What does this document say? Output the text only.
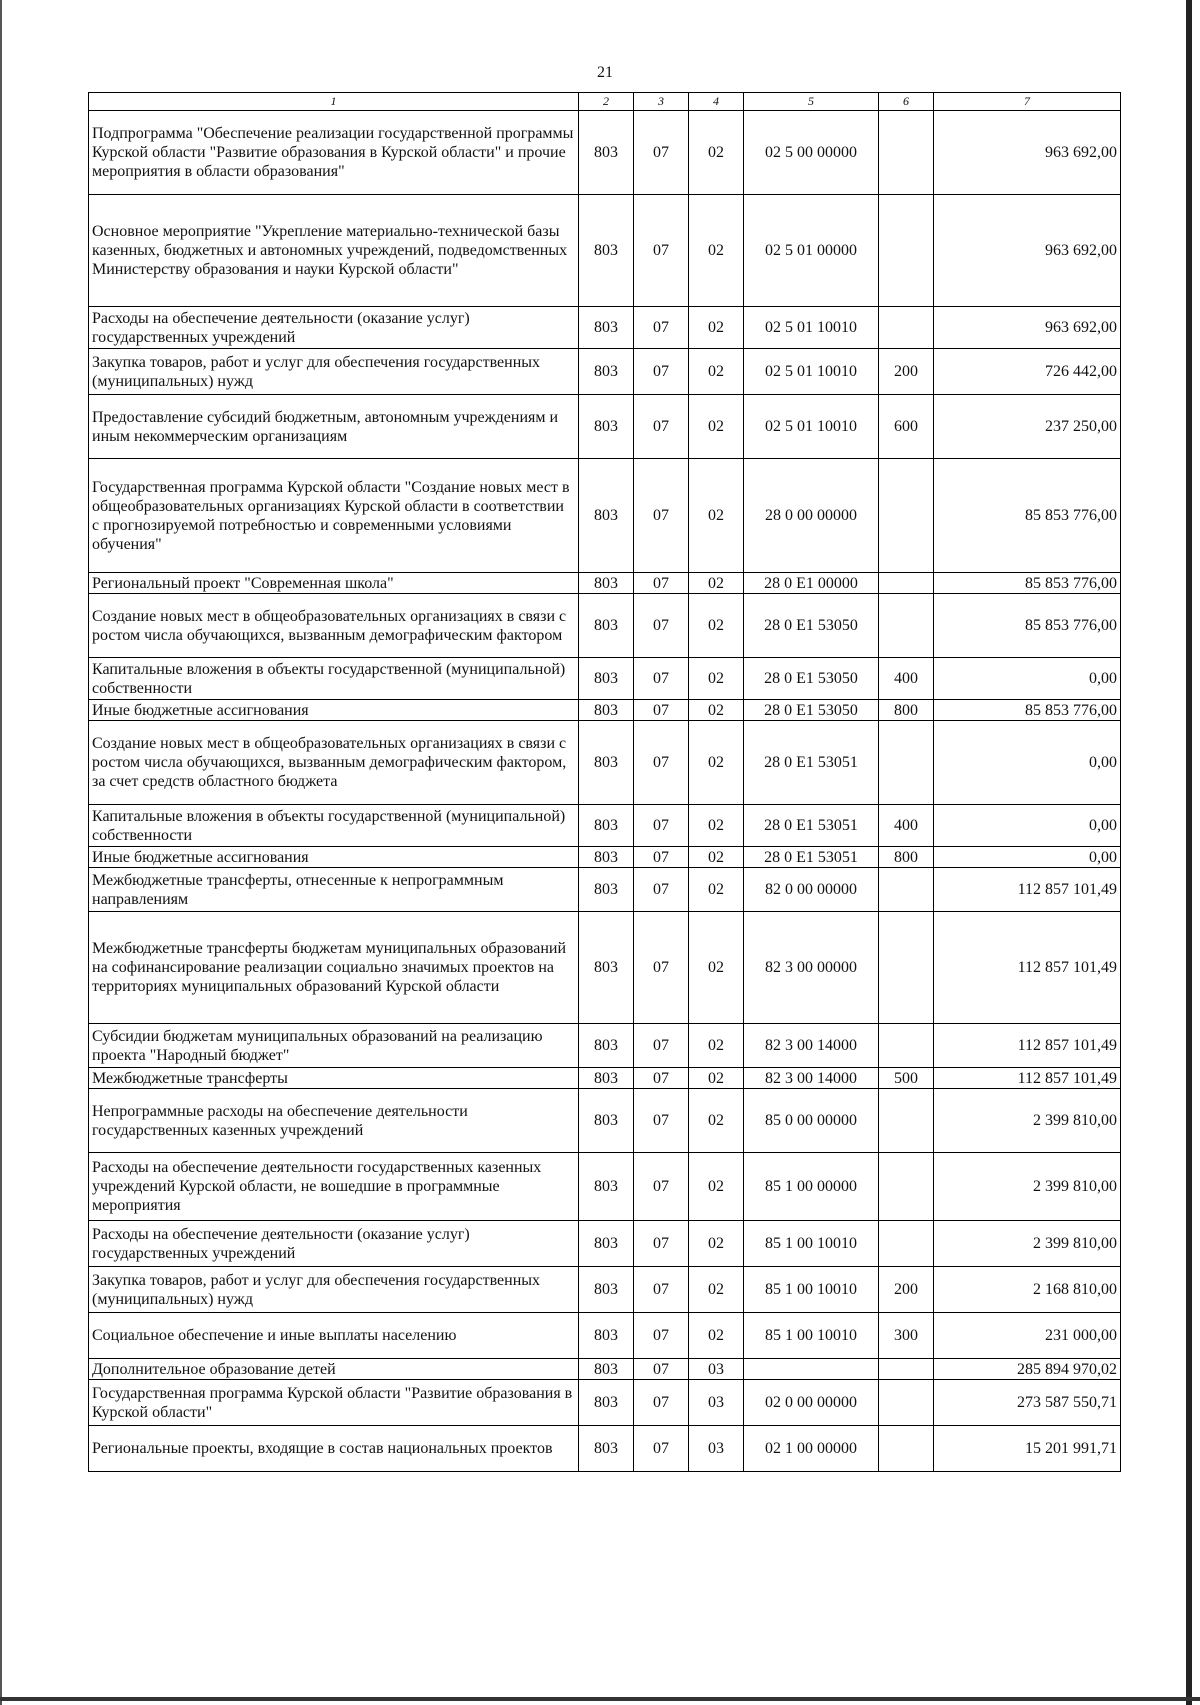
21
1	2	3	4	5	6	7
Подпрограмма "Обеспечение реализации государственной программы Курской области "Развитие образования в Курской области" и прочие мероприятия в области образования"	803	07	02	02 5 00 00000		963 692,00
Основное мероприятие "Укрепление материально-технической базы казенных, бюджетных и автономных учреждений, подведомственных Министерству образования и науки Курской области"	803	07	02	02 5 01 00000		963 692,00
Расходы на обеспечение деятельности (оказание услуг) государственных учреждений	803	07	02	02 5 01 10010		963 692,00
Закупка товаров, работ и услуг для обеспечения государственных (муниципальных) нужд	803	07	02	02 5 01 10010	200	726 442,00
Предоставление субсидий бюджетным, автономным учреждениям и иным некоммерческим организациям	803	07	02	02 5 01 10010	600	237 250,00
Государственная программа Курской области "Создание новых мест в общеобразовательных организациях Курской области в соответствии с прогнозируемой потребностью и современными условиями обучения"	803	07	02	28 0 00 00000		85 853 776,00
Региональный проект "Современная школа"	803	07	02	28 0 E1 00000		85 853 776,00
Создание новых мест в общеобразовательных организациях в связи с ростом числа обучающихся, вызванным демографическим фактором	803	07	02	28 0 E1 53050		85 853 776,00
Капитальные вложения в объекты государственной (муниципальной) собственности	803	07	02	28 0 E1 53050	400	0,00
Иные бюджетные ассигнования	803	07	02	28 0 E1 53050	800	85 853 776,00
Создание новых мест в общеобразовательных организациях в связи с ростом числа обучающихся, вызванным демографическим фактором, за счет средств областного бюджета	803	07	02	28 0 E1 53051		0,00
Капитальные вложения в объекты государственной (муниципальной) собственности	803	07	02	28 0 E1 53051	400	0,00
Иные бюджетные ассигнования	803	07	02	28 0 E1 53051	800	0,00
Межбюджетные трансферты, отнесенные к непрограммным направлениям	803	07	02	82 0 00 00000		112 857 101,49
Межбюджетные трансферты бюджетам муниципальных образований на софинансирование реализации социально значимых проектов на территориях муниципальных образований Курской области	803	07	02	82 3 00 00000		112 857 101,49
Субсидии бюджетам муниципальных образований на реализацию проекта "Народный бюджет"	803	07	02	82 3 00 14000		112 857 101,49
Межбюджетные трансферты	803	07	02	82 3 00 14000	500	112 857 101,49
Непрограммные расходы на обеспечение деятельности государственных казенных учреждений	803	07	02	85 0 00 00000		2 399 810,00
Расходы на обеспечение деятельности государственных казенных учреждений Курской области, не вошедшие в программные мероприятия	803	07	02	85 1 00 00000		2 399 810,00
Расходы на обеспечение деятельности (оказание услуг) государственных учреждений	803	07	02	85 1 00 10010		2 399 810,00
Закупка товаров, работ и услуг для обеспечения государственных (муниципальных) нужд	803	07	02	85 1 00 10010	200	2 168 810,00
Социальное обеспечение и иные выплаты населению	803	07	02	85 1 00 10010	300	231 000,00
Дополнительное образование детей	803	07	03			285 894 970,02
Государственная программа Курской области "Развитие образования в Курской области"	803	07	03	02 0 00 00000		273 587 550,71
Региональные проекты, входящие в состав национальных проектов	803	07	03	02 1 00 00000		15 201 991,71
